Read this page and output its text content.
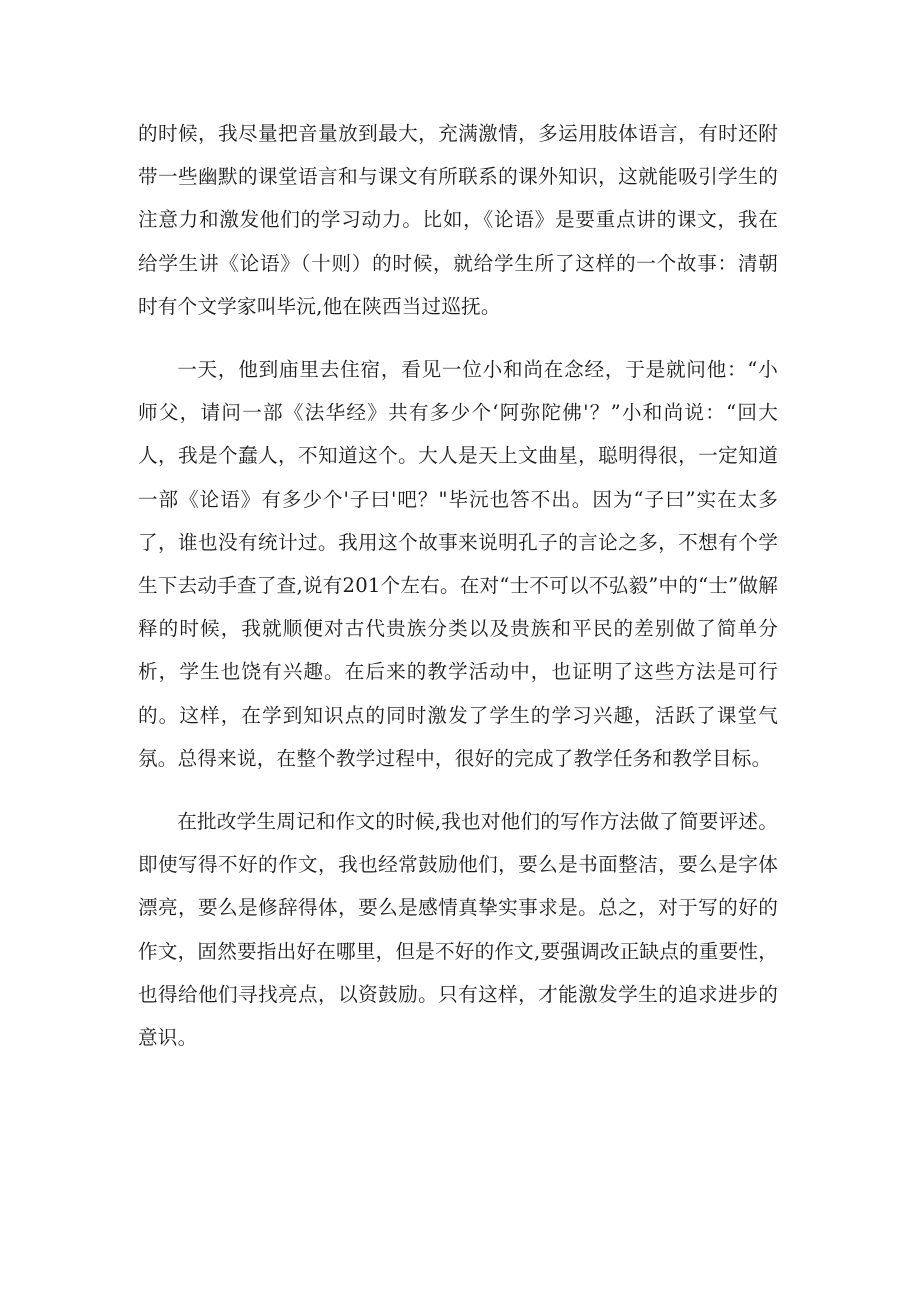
的时候，我尽量把音量放到最大，充满激情，多运用肢体语言，有时还附带一些幽默的课堂语言和与课文有所联系的课外知识，这就能吸引学生的注意力和激发他们的学习动力。比如，《论语》是要重点讲的课文，我在给学生讲《论语》（十则）的时候，就给学生所了这样的一个故事：清朝时有个文学家叫毕沅,他在陕西当过巡抚。

一天，他到庙里去住宿，看见一位小和尚在念经，于是就问他：“小师父，请问一部《法华经》共有多少个‘阿弥陀佛'？”小和尚说：“回大人，我是个蠢人，不知道这个。大人是天上文曲星，聪明得很，一定知道一部《论语》有多少个'子曰'吧？"毕沅也答不出。因为“子曰”实在太多了，谁也没有统计过。我用这个故事来说明孔子的言论之多，不想有个学生下去动手查了查,说有201个左右。在对“士不可以不弘毅”中的“士”做解释的时候，我就顺便对古代贵族分类以及贵族和平民的差别做了简单分析，学生也饶有兴趣。在后来的教学活动中，也证明了这些方法是可行的。这样，在学到知识点的同时激发了学生的学习兴趣，活跃了课堂气氛。总得来说，在整个教学过程中，很好的完成了教学任务和教学目标。

在批改学生周记和作文的时候,我也对他们的写作方法做了简要评述。即使写得不好的作文，我也经常鼓励他们，要么是书面整洁，要么是字体漂亮，要么是修辞得体，要么是感情真挚实事求是。总之，对于写的好的作文，固然要指出好在哪里，但是不好的作文,要强调改正缺点的重要性，也得给他们寻找亮点，以资鼓励。只有这样，才能激发学生的追求进步的意识。
